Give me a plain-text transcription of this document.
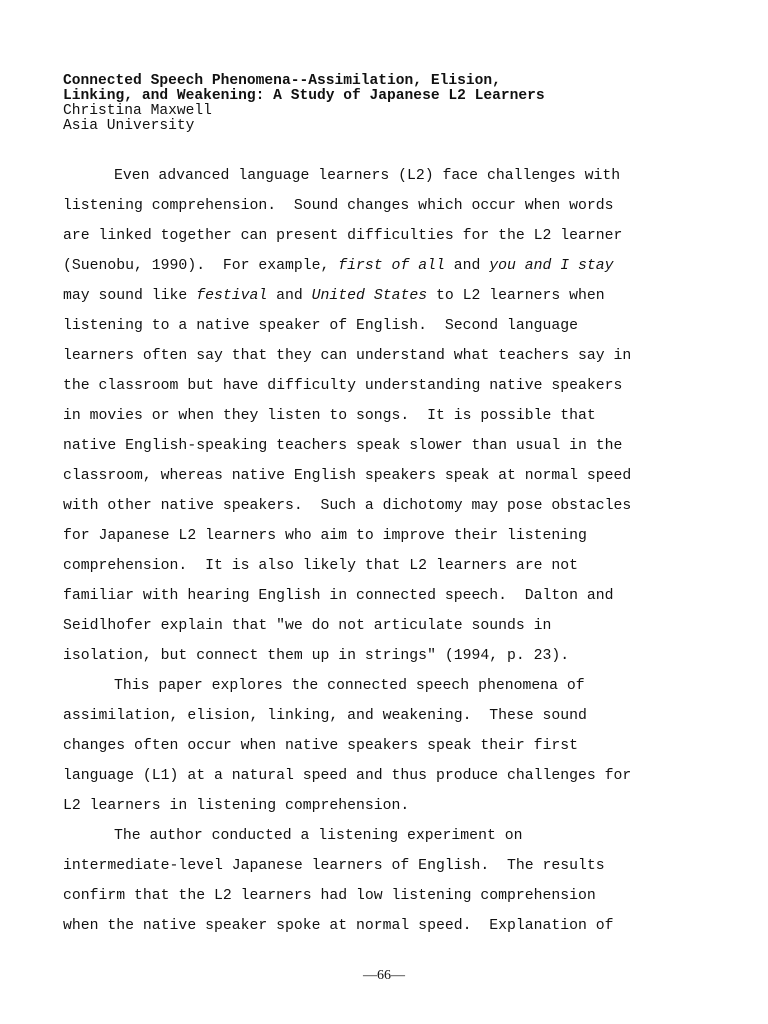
Connected Speech Phenomena--Assimilation, Elision,
Linking, and Weakening: A Study of Japanese L2 Learners
Christina Maxwell
Asia University
Even advanced language learners (L2) face challenges with
listening comprehension.  Sound changes which occur when words
are linked together can present difficulties for the L2 learner
(Suenobu, 1990).  For example, first of all and you and I stay
may sound like festival and United States to L2 learners when
listening to a native speaker of English.  Second language
learners often say that they can understand what teachers say in
the classroom but have difficulty understanding native speakers
in movies or when they listen to songs.  It is possible that
native English-speaking teachers speak slower than usual in the
classroom, whereas native English speakers speak at normal speed
with other native speakers.  Such a dichotomy may pose obstacles
for Japanese L2 learners who aim to improve their listening
comprehension.  It is also likely that L2 learners are not
familiar with hearing English in connected speech.  Dalton and
Seidlhofer explain that "we do not articulate sounds in
isolation, but connect them up in strings" (1994, p. 23).
This paper explores the connected speech phenomena of
assimilation, elision, linking, and weakening.  These sound
changes often occur when native speakers speak their first
language (L1) at a natural speed and thus produce challenges for
L2 learners in listening comprehension.
The author conducted a listening experiment on
intermediate-level Japanese learners of English.  The results
confirm that the L2 learners had low listening comprehension
when the native speaker spoke at normal speed.  Explanation of
—66—
